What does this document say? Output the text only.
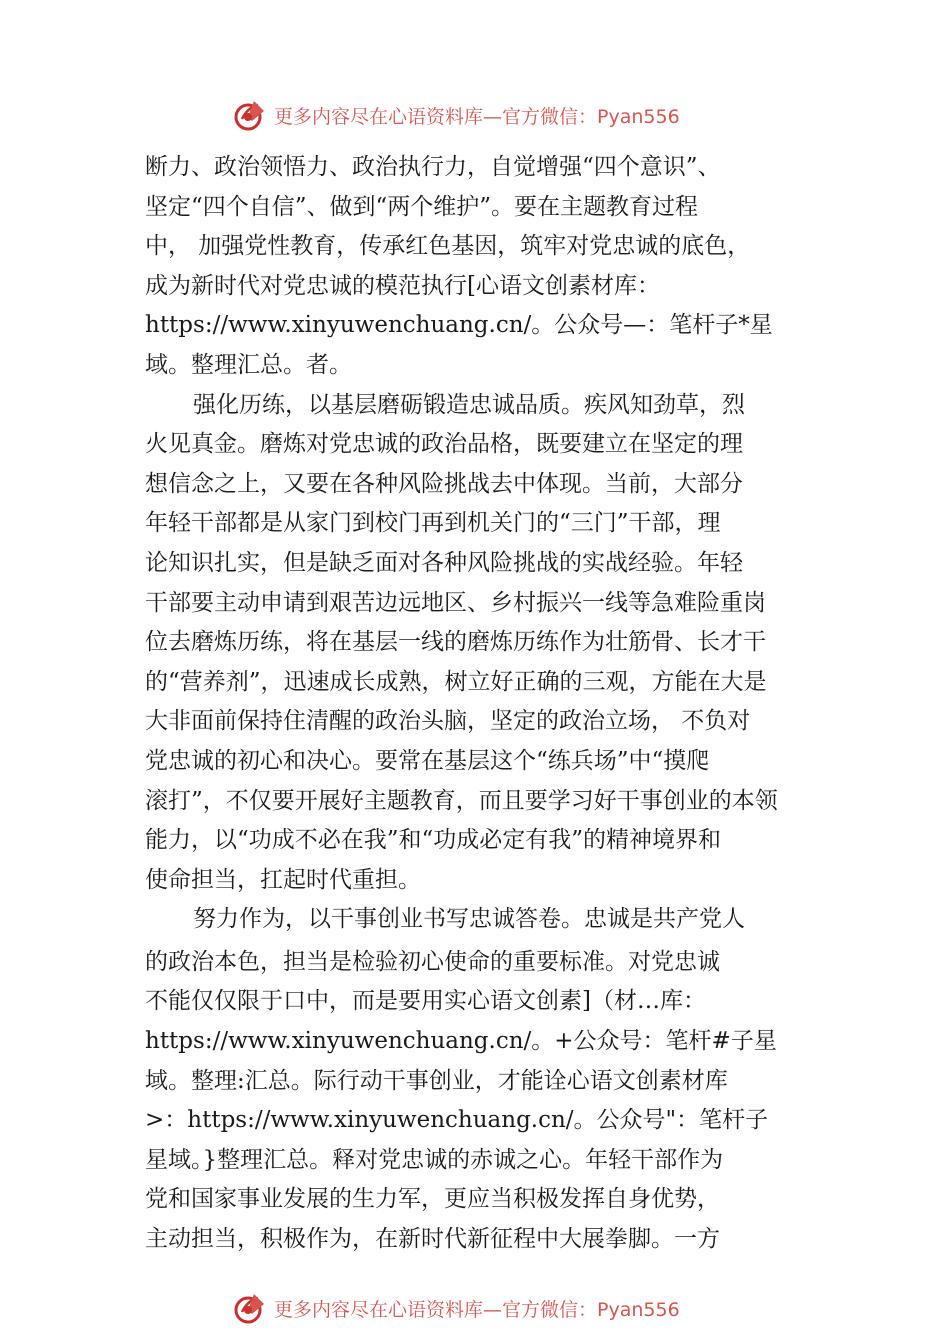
更多内容尽在心语资料库—官方微信：Pyan556
断力、政治领悟力、政治执行力，自觉增强“四个意识”、
坚定“四个自信”、做到“两个维护”。要在主题教育过程
中， 加强党性教育，传承红色基因，筑牢对党忠诚的底色，
成为新时代对党忠诚的模范执行[心语文创素材库：
https://www.xinyuwenchuang.cn/。公众号—：笔杆子*星
域。整理汇总。者。
强化历练，以基层磨砺锻造忠诚品质。疾风知劲草，烈
火见真金。磨炼对党忠诚的政治品格，既要建立在坚定的理
想信念之上，又要在各种风险挑战去中体现。当前，大部分
年轻干部都是从家门到校门再到机关门的“三门”干部，理
论知识扎实，但是缺乏面对各种风险挑战的实战经验。年轻
干部要主动申请到艰苦边远地区、乡村振兴一线等急难险重岗
位去磨炼历练，将在基层一线的磨炼历练作为壮筋骨、长才干
的“营养剂”，迅速成长成熟，树立好正确的三观，方能在大是
大非面前保持住清醒的政治头脑，坚定的政治立场， 不负对
党忠诚的初心和决心。要常在基层这个“练兵场”中“摸爬
滚打”，不仅要开展好主题教育，而且要学习好干事创业的本领
能力，以“功成不必在我”和“功成必定有我”的精神境界和
使命担当，扛起时代重担。
努力作为，以干事创业书写忠诚答卷。忠诚是共产党人
的政治本色，担当是检验初心使命的重要标准。对党忠诚
不能仅仅限于口中，而是要用实心语文创素]（材…库：
https://www.xinyuwenchuang.cn/。+公众号：笔杆#子星
域。整理:汇总。际行动干事创业，才能诠心语文创素材库
>：https://www.xinyuwenchuang.cn/。公众号"：笔杆子
星域。}整理汇总。释对党忠诚的赤诚之心。年轻干部作为
党和国家事业发展的生力军，更应当积极发挥自身优势，
主动担当，积极作为，在新时代新征程中大展拳脚。一方
更多内容尽在心语资料库—官方微信：Pyan556
